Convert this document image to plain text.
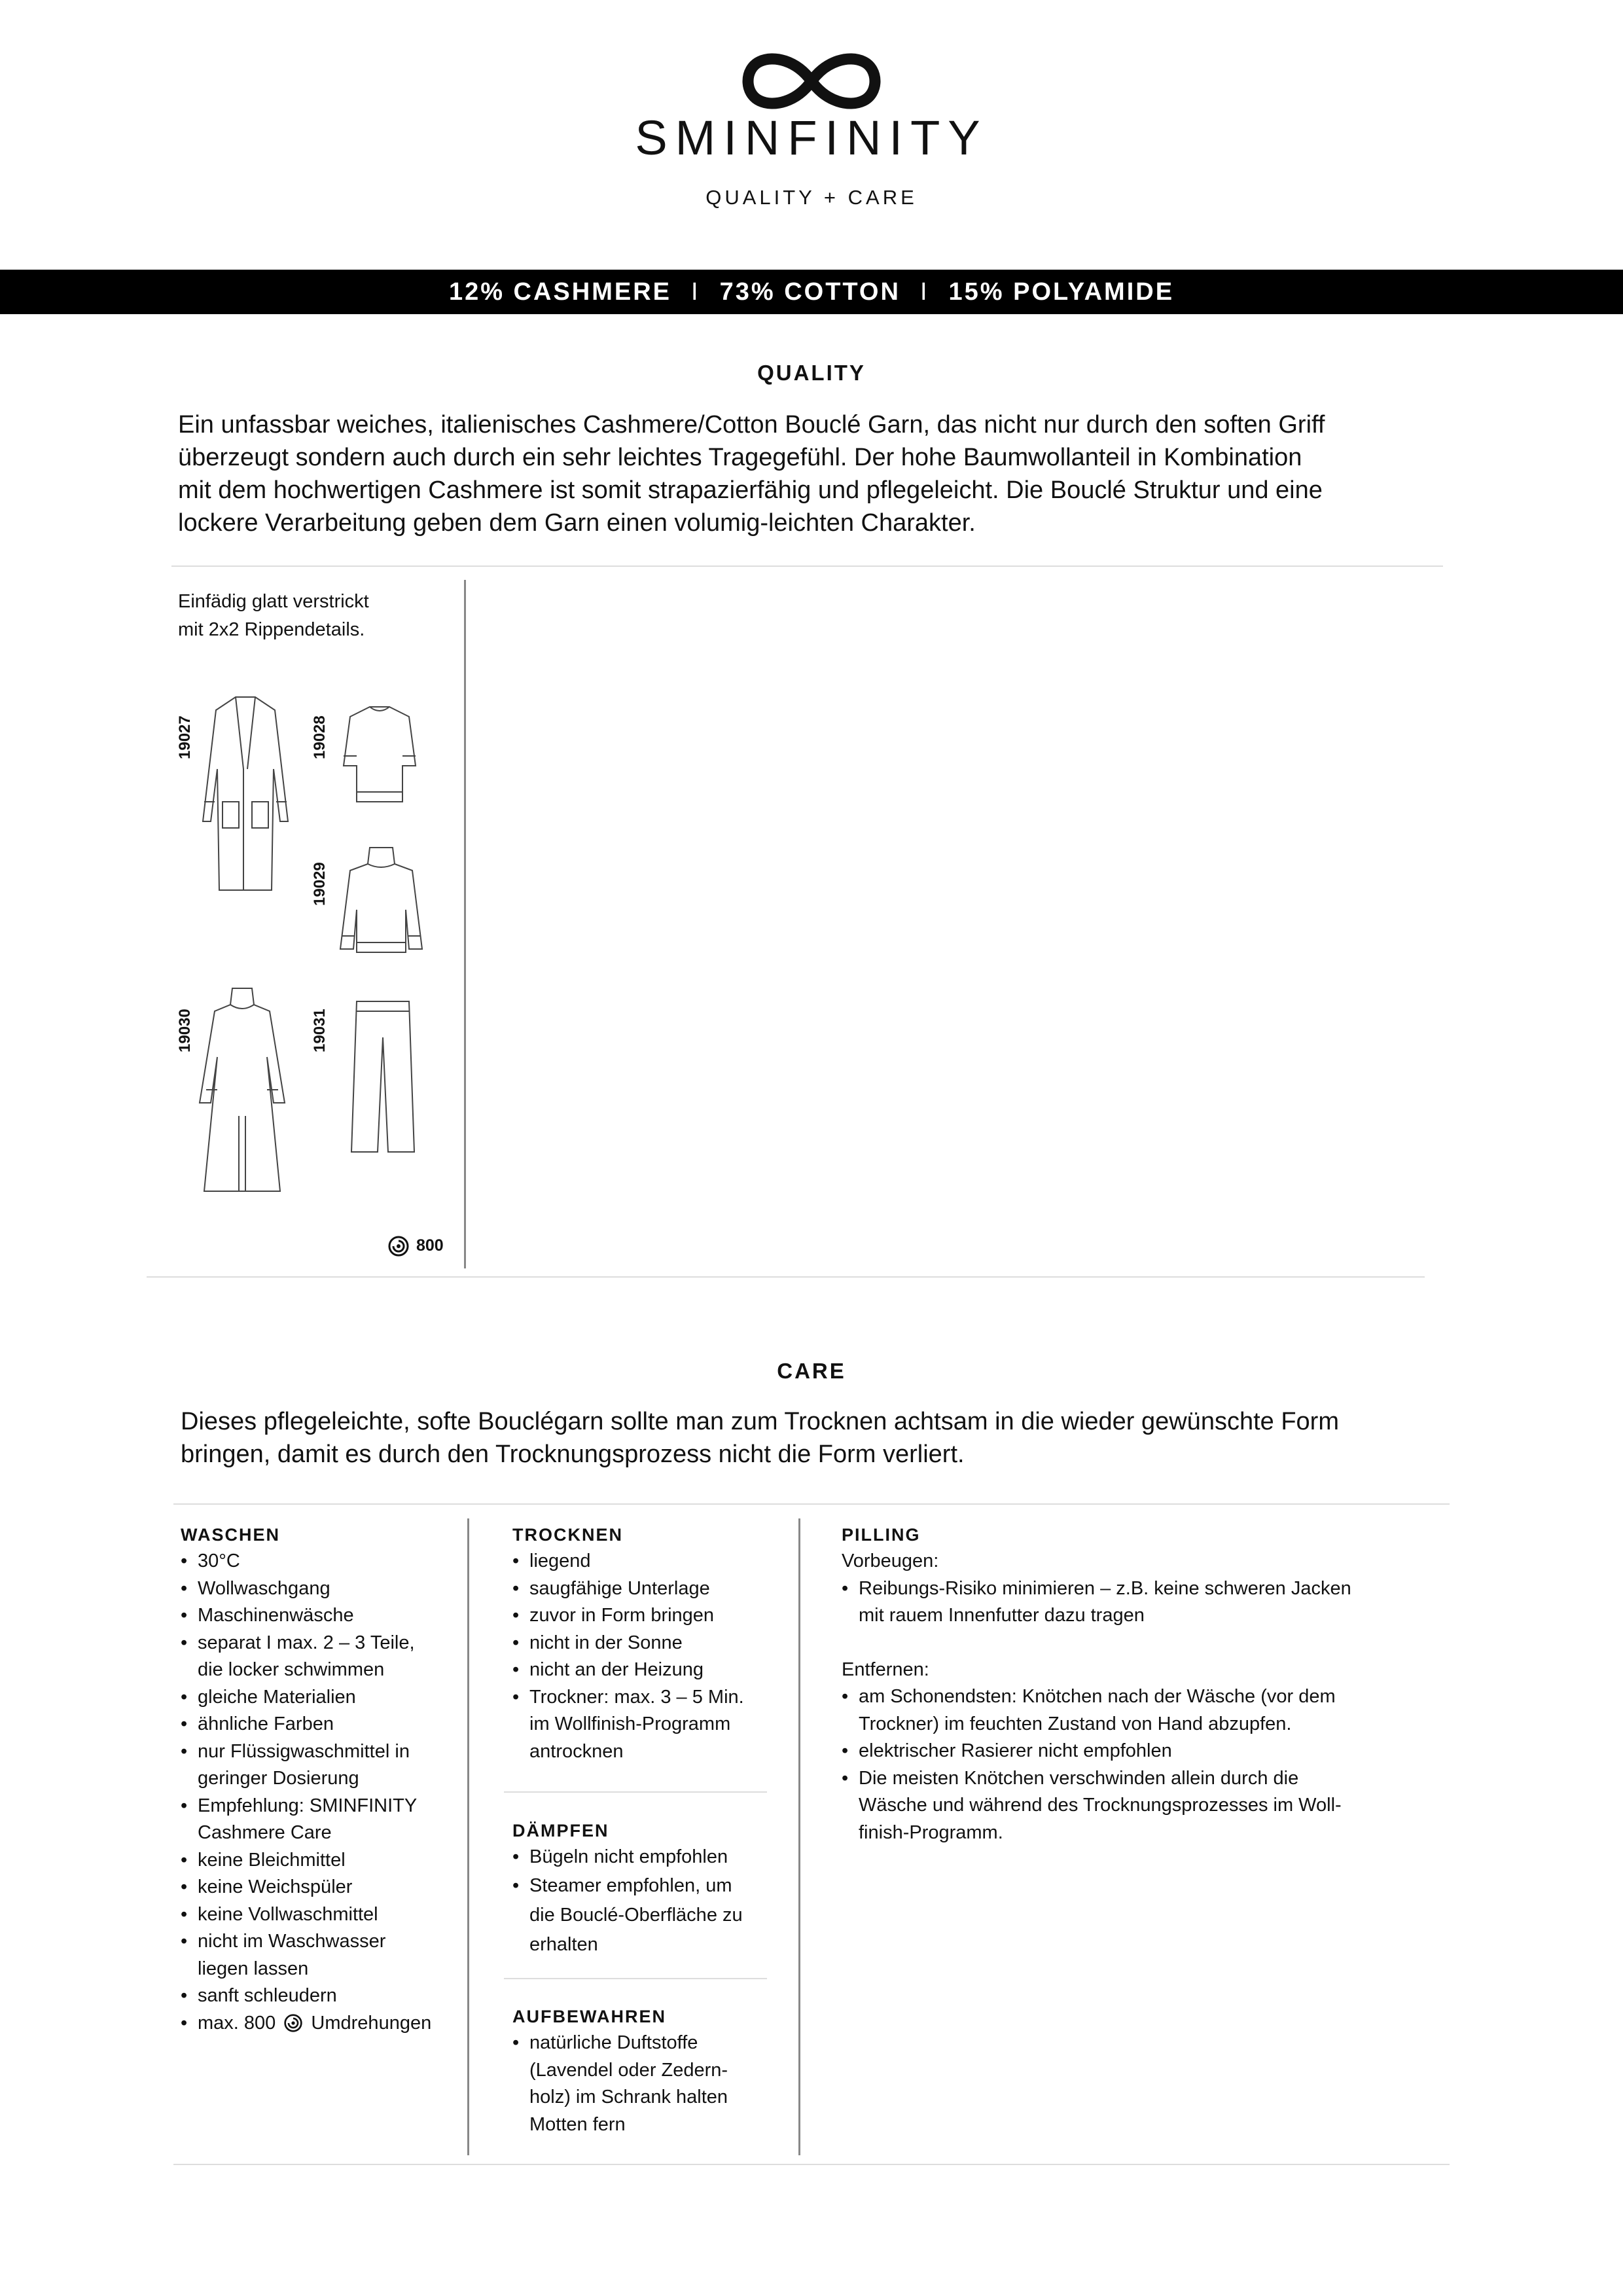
SMINFINITY
QUALITY + CARE
12% CASHMERE I 73% COTTON I 15% POLYAMIDE
QUALITY
Ein unfassbar weiches, italienisches Cashmere/Cotton Bouclé Garn, das nicht nur durch den soften Griff
überzeugt sondern auch durch ein sehr leichtes Tragegefühl. Der hohe Baumwollanteil in Kombination
mit dem hochwertigen Cashmere ist somit strapazierfähig und pflegeleicht. Die Bouclé Struktur und eine
lockere Verarbeitung geben dem Garn einen volumig-leichten Charakter.
Einfädig glatt verstrickt
mit 2x2 Rippendetails.
19027	19028
19029
19030	19031
800
CARE
Dieses pflegeleichte, softe Bouclégarn sollte man zum Trocknen achtsam in die wieder gewünschte Form
bringen, damit es durch den Trocknungsprozess nicht die Form verliert.
WASCHEN
• 30°C
• Wollwaschgang
• Maschinenwäsche
• separat I max. 2 – 3 Teile,
die locker schwimmen
• gleiche Materialien
• ähnliche Farben
• nur Flüssigwaschmittel in
geringer Dosierung
• Empfehlung: SMINFINITY
Cashmere Care
• keine Bleichmittel
• keine Weichspüler
• keine Vollwaschmittel
• nicht im Waschwasser
liegen lassen
• sanft schleudern
• max. 800 Umdrehungen
TROCKNEN
• liegend
• saugfähige Unterlage
• zuvor in Form bringen
• nicht in der Sonne
• nicht an der Heizung
• Trockner: max. 3 – 5 Min.
im Wollfinish-Programm
antrocknen
DÄMPFEN
• Bügeln nicht empfohlen
• Steamer empfohlen, um
die Bouclé-Oberfläche zu
erhalten
AUFBEWAHREN
• natürliche Duftstoffe
(Lavendel oder Zedern-
holz) im Schrank halten
Motten fern
PILLING
Vorbeugen:
• Reibungs-Risiko minimieren – z.B. keine schweren Jacken
mit rauem Innenfutter dazu tragen
Entfernen:
• am Schonendsten: Knötchen nach der Wäsche (vor dem
Trockner) im feuchten Zustand von Hand abzupfen.
• elektrischer Rasierer nicht empfohlen
• Die meisten Knötchen verschwinden allein durch die
Wäsche und während des Trocknungsprozesses im Woll-
finish-Programm.
